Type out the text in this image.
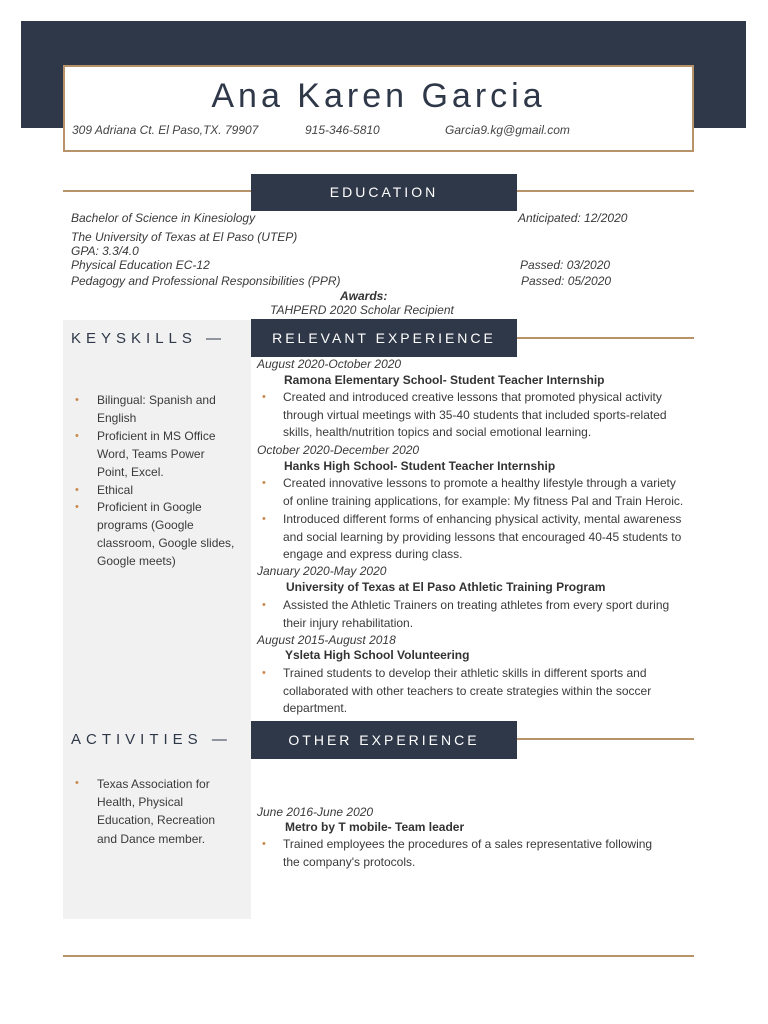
Ana Karen Garcia
309 Adriana Ct. El Paso,TX. 79907	915-346-5810	Garcia9.kg@gmail.com
EDUCATION
Bachelor of Science in Kinesiology	Anticipated: 12/2020
The University of Texas at El Paso (UTEP)
GPA: 3.3/4.0
Physical Education EC-12	Passed: 03/2020
Pedagogy and Professional Responsibilities (PPR)	Passed: 05/2020
Awards:
TAHPERD 2020 Scholar Recipient
KEYSKILLS —
• Bilingual: Spanish and
English
• Proficient in MS Office
Word, Teams Power
Point, Excel.
• Ethical
• Proficient in Google
programs (Google
classroom, Google slides,
Google meets)
ACTIVITIES —
• Texas Association for
Health, Physical
Education, Recreation
and Dance member.
RELEVANT EXPERIENCE
August 2020-October 2020
Ramona Elementary School- Student Teacher Internship
• Created and introduced creative lessons that promoted physical activity
through virtual meetings with 35-40 students that included sports-related
skills, health/nutrition topics and social emotional learning.
October 2020-December 2020
Hanks High School- Student Teacher Internship
• Created innovative lessons to promote a healthy lifestyle through a variety
of online training applications, for example: My fitness Pal and Train Heroic.
• Introduced different forms of enhancing physical activity, mental awareness
and social learning by providing lessons that encouraged 40-45 students to
engage and express during class.
January 2020-May 2020
University of Texas at El Paso Athletic Training Program
• Assisted the Athletic Trainers on treating athletes from every sport during
their injury rehabilitation.
August 2015-August 2018
Ysleta High School Volunteering
• Trained students to develop their athletic skills in different sports and
collaborated with other teachers to create strategies within the soccer
department.
OTHER EXPERIENCE
June 2016-June 2020
Metro by T mobile- Team leader
• Trained employees the procedures of a sales representative following
the company's protocols.
